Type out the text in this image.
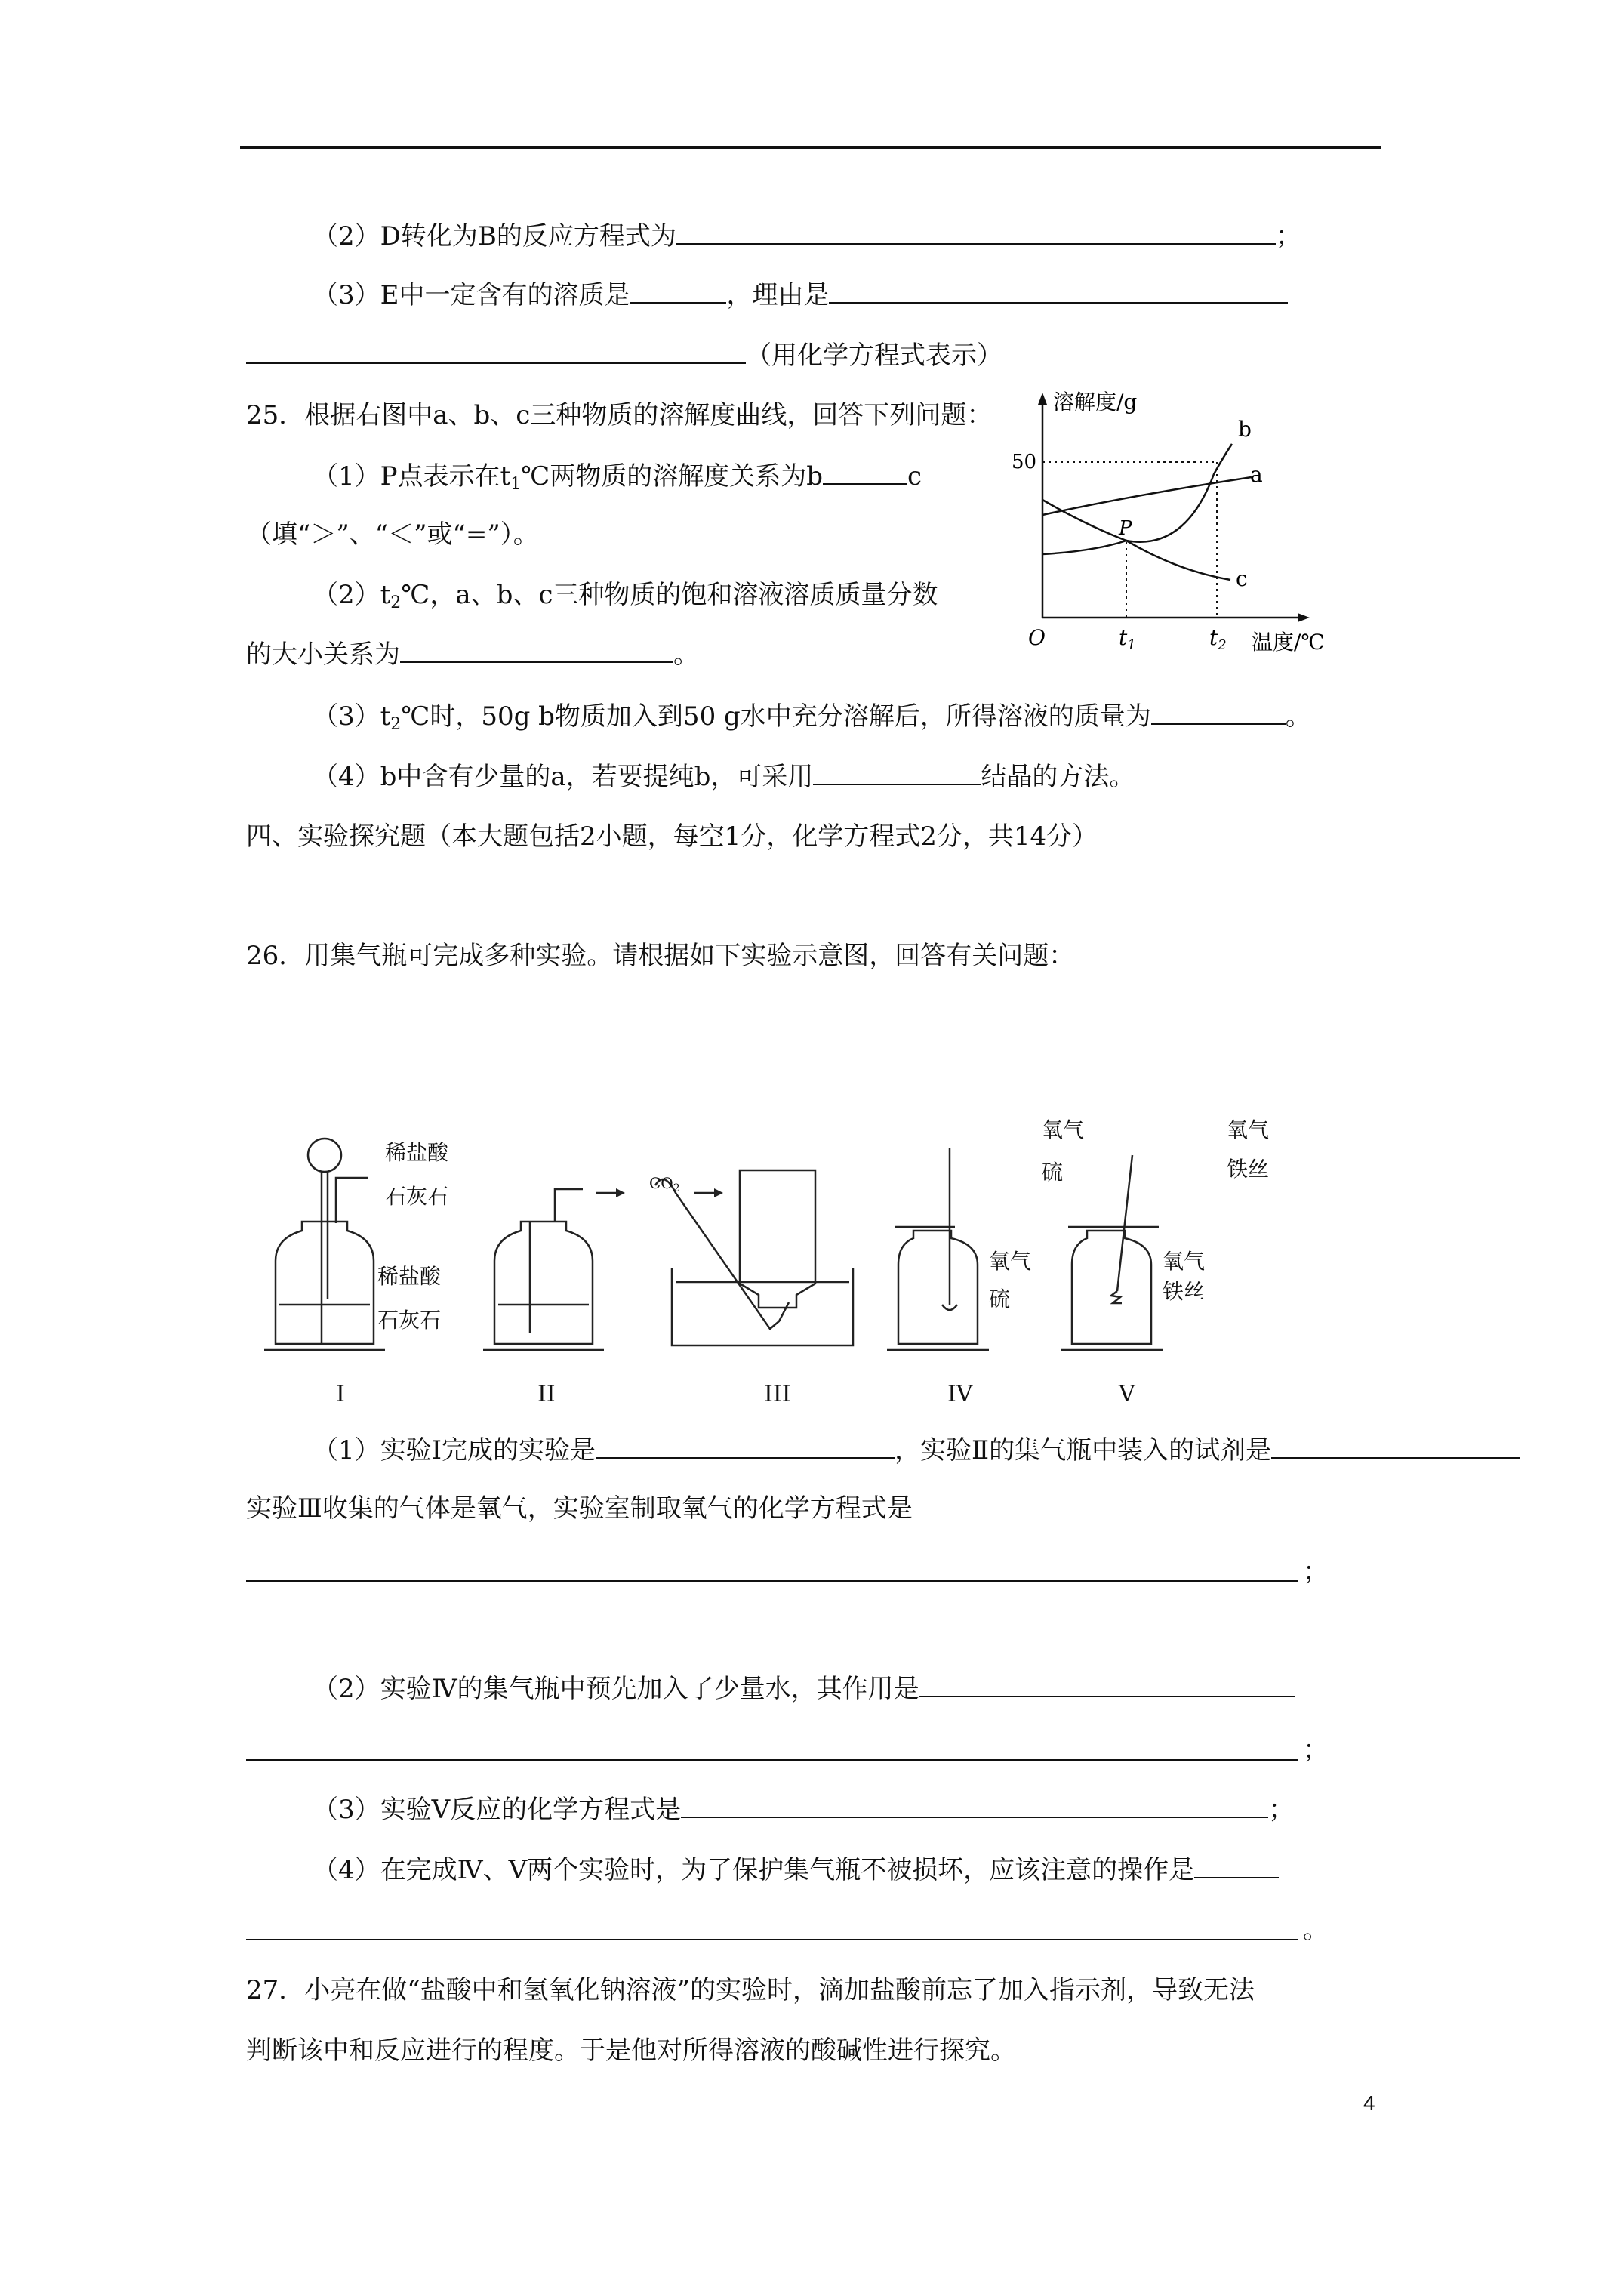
（2）D转化为B的反应方程式为	；
（3）E中一定含有的溶质是	，理由是
（用化学方程式表示）
25．根据右图中a、b、c三种物质的溶解度曲线，回答下列问题：
（1）P点表示在$t_1℃$两物质的溶解度关系为b	c
（填“＞”、“＜”或“=”）。
$(2)t_2℃$，a、b、c三种物质的饱和溶液溶质质量分数
的大小关系为	。
$(3)t_2℃$时，50g b物质加入到50 g水中充分溶解后，所得溶液的质量为	。
（4）b中含有少量的a，若要提纯b，可采用	结晶的方法。
溶解度/g
温度/℃
O
50
$t_1$	$t_2$
P
a
b
c
四、实验探究题（本大题包括2小题，每空1分，化学方程式2分，共14分）
26．用集气瓶可完成多种实验。请根据如下实验示意图，回答有关问题：
氧气
硫
氧气
铁丝
稀盐酸
石灰石
稀盐酸
石灰石
$CO_2$
氧气
硫
氧气
铁丝
I	II	III	IV	V
（1）实验Ⅰ完成的实验是	，实验Ⅱ的集气瓶中装入的试剂是
实验Ⅲ收集的气体是氧气，实验室制取氧气的化学方程式是
；
（2）实验Ⅳ的集气瓶中预先加入了少量水，其作用是
；
（3）实验Ⅴ反应的化学方程式是	；
（4）在完成Ⅳ、Ⅴ两个实验时，为了保护集气瓶不被损坏，应该注意的操作是
。
27．小亮在做“盐酸中和氢氧化钠溶液”的实验时，滴加盐酸前忘了加入指示剂，导致无法
判断该中和反应进行的程度。于是他对所得溶液的酸碱性进行探究。
4
